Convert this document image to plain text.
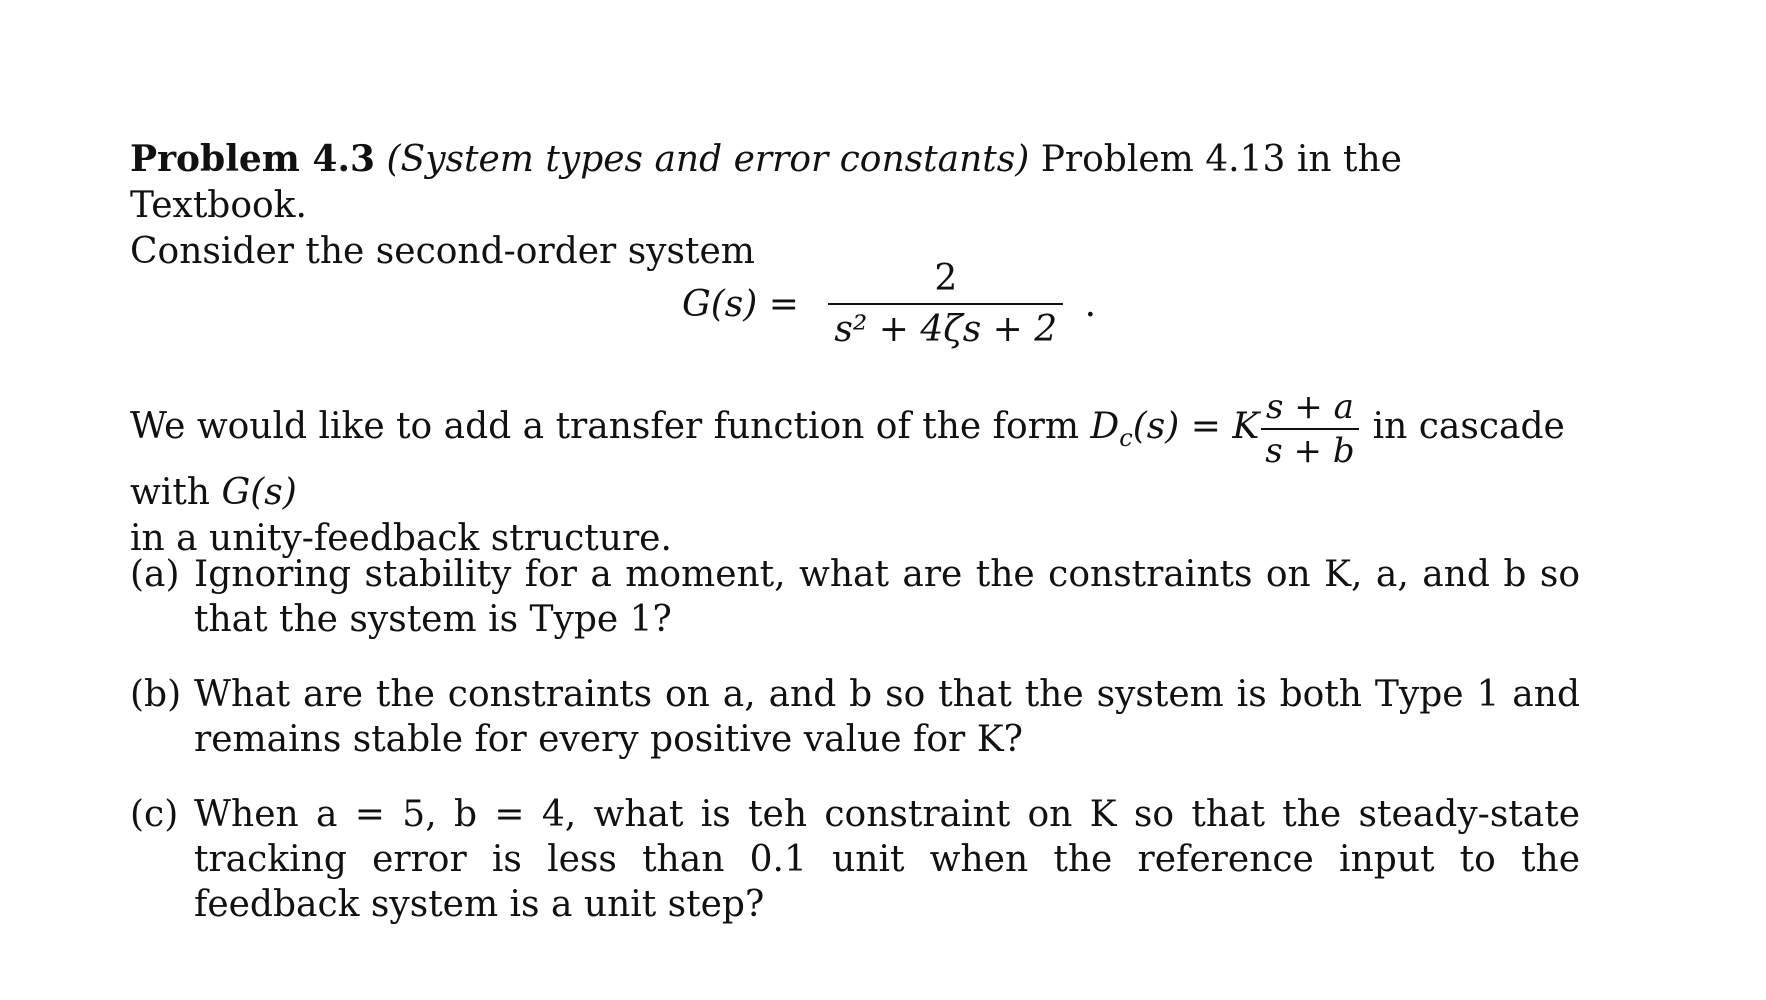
Problem 4.3 (System types and error constants) Problem 4.13 in the Textbook.
Consider the second-order system
$G(s) = \frac{2}{\text{s² + 4ζs + 2}}$ .
We would like to add a transfer function of the form $D_c(s) = K \frac{s + a}{s + b}$ in cascade with G(s)
in a unity-feedback structure.
(a) Ignoring stability for a moment, what are the constraints on K, a, and b so that the system is Type 1?
(b) What are the constraints on a, and b so that the system is both Type 1 and remains stable for every positive value for K?
(c) When a = 5, b = 4, what is teh constraint on K so that the steady-state tracking error is less than 0.1 unit when the reference input to the feedback system is a unit step?
